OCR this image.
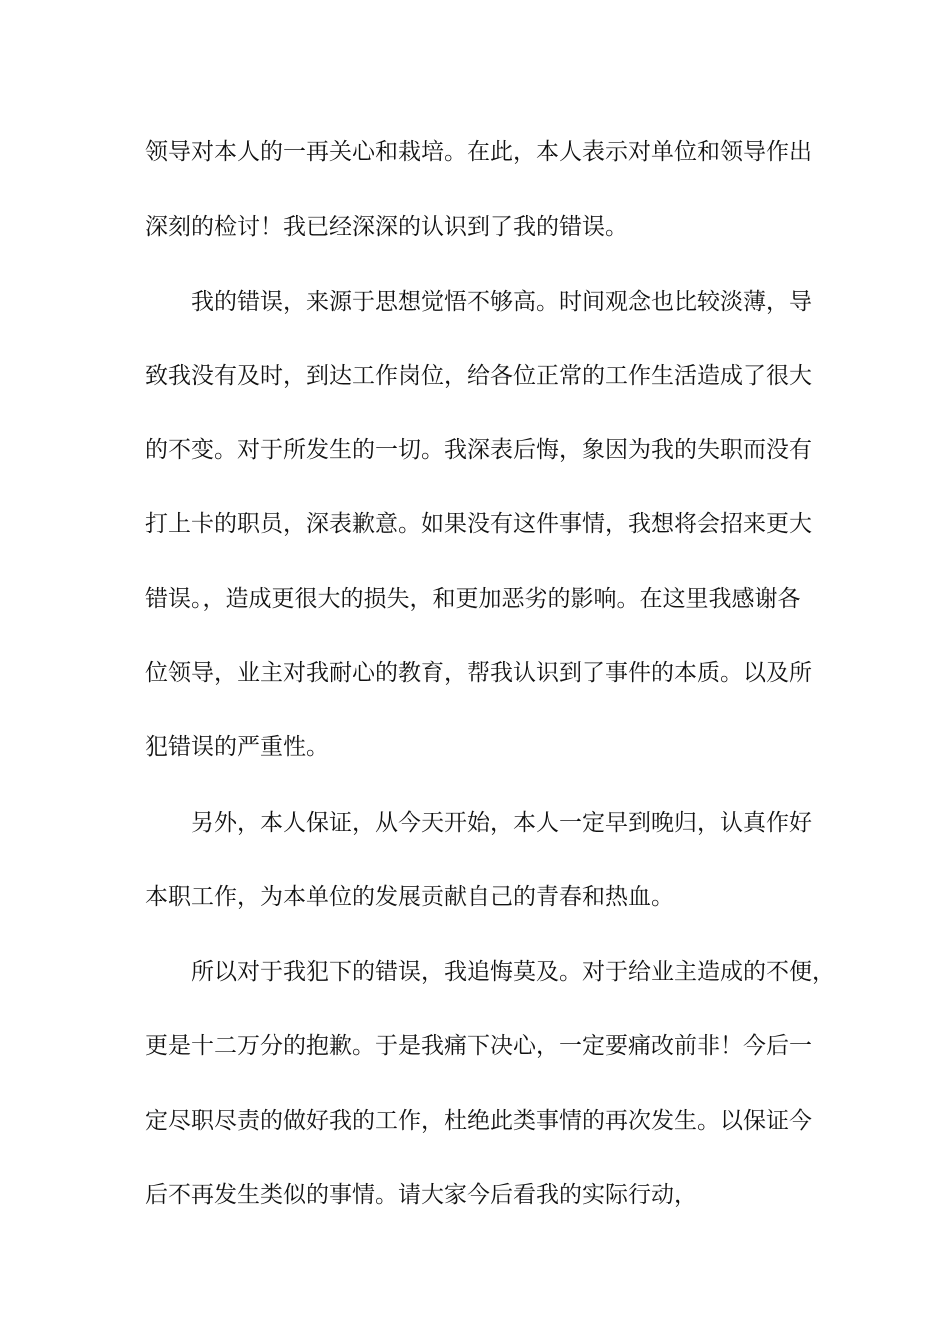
领导对本人的一再关心和栽培。在此，本人表示对单位和领导作出
深刻的检讨！我已经深深的认识到了我的错误。
我的错误，来源于思想觉悟不够高。时间观念也比较淡薄，导
致我没有及时，到达工作岗位，给各位正常的工作生活造成了很大
的不变。对于所发生的一切。我深表后悔，象因为我的失职而没有
打上卡的职员，深表歉意。如果没有这件事情，我想将会招来更大
错误。，造成更很大的损失，和更加恶劣的影响。在这里我感谢各
位领导，业主对我耐心的教育，帮我认识到了事件的本质。以及所
犯错误的严重性。
另外，本人保证，从今天开始，本人一定早到晚归，认真作好
本职工作，为本单位的发展贡献自己的青春和热血。
所以对于我犯下的错误，我追悔莫及。对于给业主造成的不便，
更是十二万分的抱歉。于是我痛下决心，一定要痛改前非！今后一
定尽职尽责的做好我的工作，杜绝此类事情的再次发生。以保证今
后不再发生类似的事情。请大家今后看我的实际行动，
